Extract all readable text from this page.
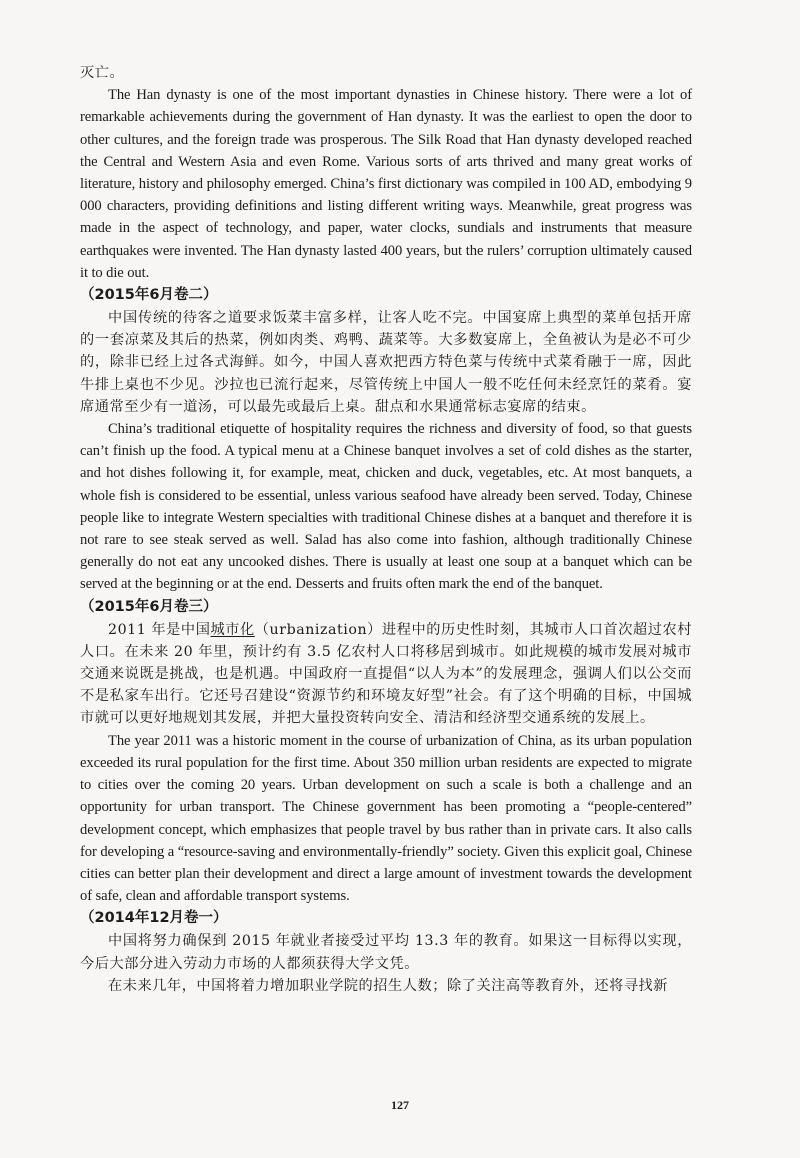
灭亡。

The Han dynasty is one of the most important dynasties in Chinese history. There were a lot of remarkable achievements during the government of Han dynasty. It was the earliest to open the door to other cultures, and the foreign trade was prosperous. The Silk Road that Han dynasty developed reached the Central and Western Asia and even Rome. Various sorts of arts thrived and many great works of literature, history and philosophy emerged. China’s first dictionary was compiled in 100 AD, embodying 9 000 characters, providing definitions and listing different writing ways. Meanwhile, great progress was made in the aspect of technology, and paper, water clocks, sundials and instruments that measure earthquakes were invented. The Han dynasty lasted 400 years, but the rulers’ corruption ultimately caused it to die out.

（2015年6月卷二）

中国传统的待客之道要求饭菜丰富多样，让客人吃不完。中国宴席上典型的菜单包括开席的一套凉菜及其后的热菜，例如肉类、鸡鸭、蔬菜等。大多数宴席上，全鱼被认为是必不可少的，除非已经上过各式海鲜。如今，中国人喜欢把西方特色菜与传统中式菜肴融于一席，因此牛排上桌也不少见。沙拉也已流行起来，尽管传统上中国人一般不吃任何未经烹饪的菜肴。宴席通常至少有一道汤，可以最先或最后上桌。甜点和水果通常标志宴席的结束。

China’s traditional etiquette of hospitality requires the richness and diversity of food, so that guests can’t finish up the food. A typical menu at a Chinese banquet involves a set of cold dishes as the starter, and hot dishes following it, for example, meat, chicken and duck, vegetables, etc. At most banquets, a whole fish is considered to be essential, unless various seafood have already been served. Today, Chinese people like to integrate Western specialties with traditional Chinese dishes at a banquet and therefore it is not rare to see steak served as well. Salad has also come into fashion, although traditionally Chinese generally do not eat any uncooked dishes. There is usually at least one soup at a banquet which can be served at the beginning or at the end. Desserts and fruits often mark the end of the banquet.

（2015年6月卷三）

2011 年是中国城市化（urbanization）进程中的历史性时刻，其城市人口首次超过农村人口。在未来 20 年里，预计约有 3.5 亿农村人口将移居到城市。如此规模的城市发展对城市交通来说既是挑战，也是机遇。中国政府一直提倡“以人为本”的发展理念，强调人们以公交而不是私家车出行。它还号召建设“资源节约和环境友好型”社会。有了这个明确的目标，中国城市就可以更好地规划其发展，并把大量投资转向安全、清洁和经济型交通系统的发展上。

The year 2011 was a historic moment in the course of urbanization of China, as its urban population exceeded its rural population for the first time. About 350 million urban residents are expected to migrate to cities over the coming 20 years. Urban development on such a scale is both a challenge and an opportunity for urban transport. The Chinese government has been promoting a “people-centered” development concept, which emphasizes that people travel by bus rather than in private cars. It also calls for developing a “resource-saving and environmentally-friendly” society. Given this explicit goal, Chinese cities can better plan their development and direct a large amount of investment towards the development of safe, clean and affordable transport systems.

（2014年12月卷一）

中国将努力确保到 2015 年就业者接受过平均 13.3 年的教育。如果这一目标得以实现，今后大部分进入劳动力市场的人都须获得大学文凭。

在未来几年，中国将着力增加职业学院的招生人数；除了关注高等教育外，还将寻找新

127
